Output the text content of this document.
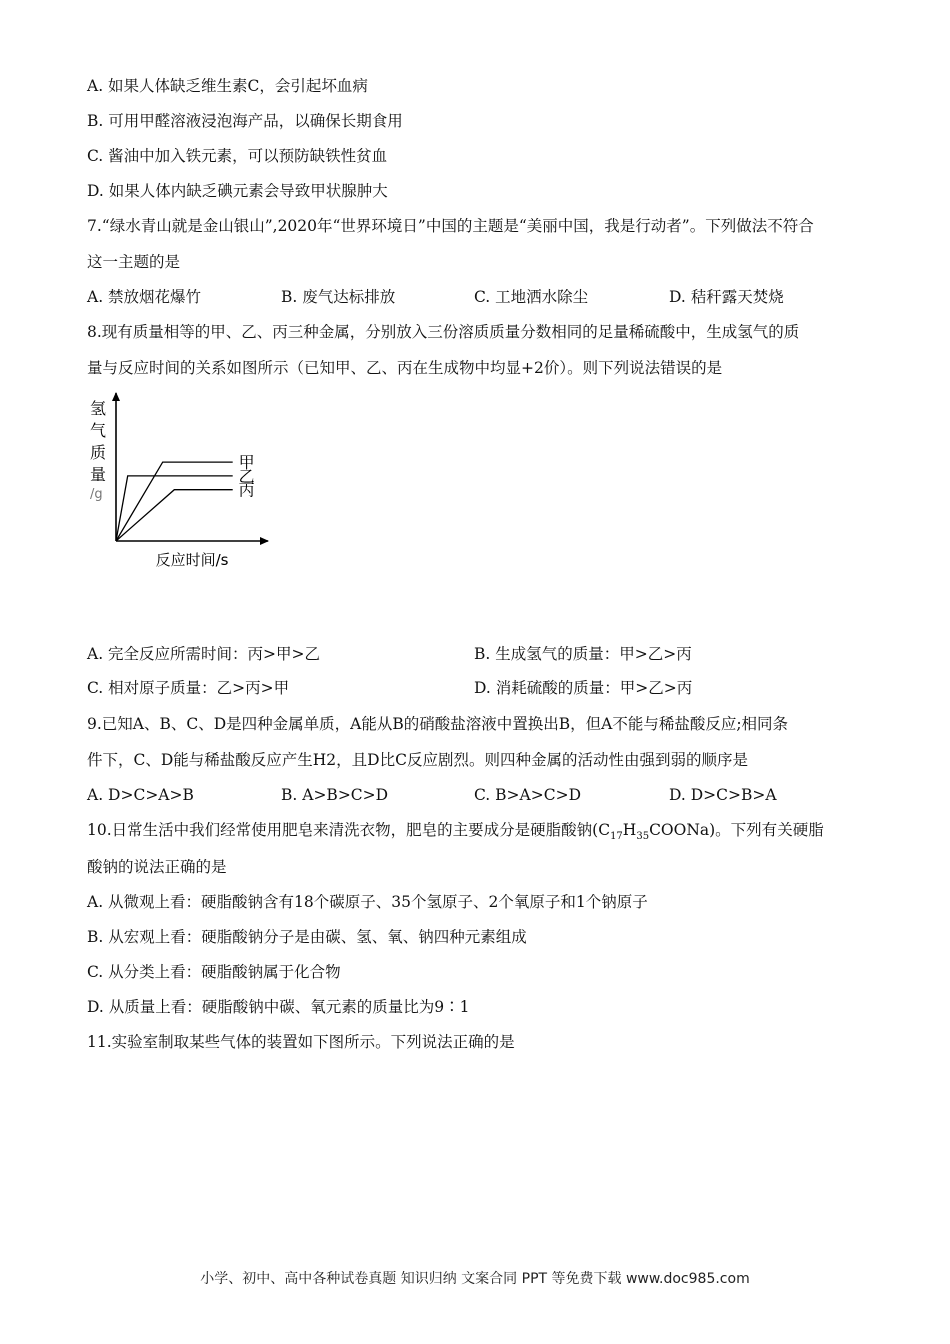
A. 如果人体缺乏维生素C，会引起坏血病
B. 可用甲醛溶液浸泡海产品，以确保长期食用
C. 酱油中加入铁元素，可以预防缺铁性贫血
D. 如果人体内缺乏碘元素会导致甲状腺肿大
7.“绿水青山就是金山银山”,2020年“世界环境日”中国的主题是“美丽中国，我是行动者”。下列做法不符合
这一主题的是
A. 禁放烟花爆竹	B. 废气达标排放	C. 工地洒水除尘	D. 秸秆露天焚烧
8.现有质量相等的甲、乙、丙三种金属，分别放入三份溶质质量分数相同的足量稀硫酸中，生成氢气的质
量与反应时间的关系如图所示（已知甲、乙、丙在生成物中均显+2价）。则下列说法错误的是
甲
乙
丙
氢
气
质
量
/g
反应时间/s
A. 完全反应所需时间：丙>甲>乙	B. 生成氢气的质量：甲>乙>丙
C. 相对原子质量：乙>丙>甲	D. 消耗硫酸的质量：甲>乙>丙
9.已知A、B、C、D是四种金属单质，A能从B的硝酸盐溶液中置换出B，但A不能与稀盐酸反应;相同条
件下，C、D能与稀盐酸反应产生H2，且D比C反应剧烈。则四种金属的活动性由强到弱的顺序是
A. D>C>A>B	B. A>B>C>D	C. B>A>C>D	D. D>C>B>A
10.日常生活中我们经常使用肥皂来清洗衣物，肥皂的主要成分是硬脂酸钠$(C_{17}H_{35}COONa)$。下列有关硬脂
酸钠的说法正确的是
A. 从微观上看：硬脂酸钠含有18个碳原子、35个氢原子、2个氧原子和1个钠原子
B. 从宏观上看：硬脂酸钠分子是由碳、氢、氧、钠四种元素组成
C. 从分类上看：硬脂酸钠属于化合物
D. 从质量上看：硬脂酸钠中碳、氧元素的质量比为9∶1
11.实验室制取某些气体的装置如下图所示。下列说法正确的是
小学、初中、高中各种试卷真题 知识归纳 文案合同 PPT 等免费下载 www.doc985.com
